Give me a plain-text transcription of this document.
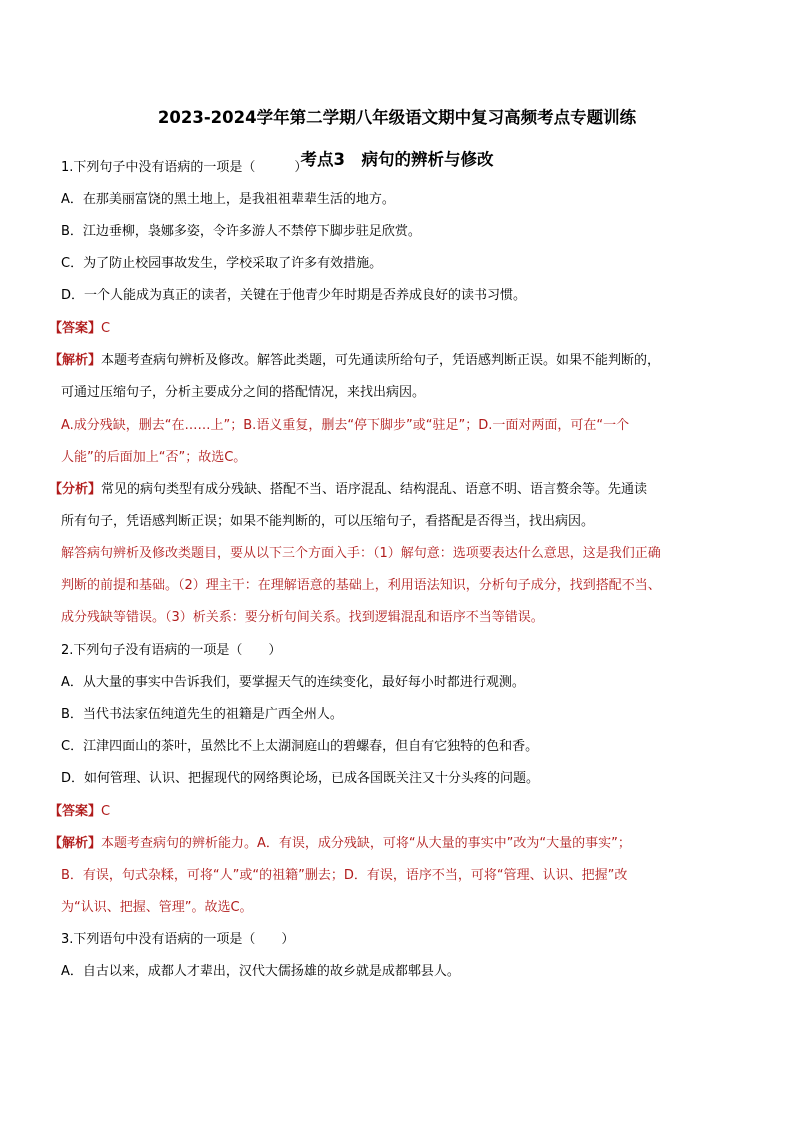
2023-2024学年第二学期八年级语文期中复习高频考点专题训练
考点3　病句的辨析与修改
1.下列句子中没有语病的一项是（　　　）
A．在那美丽富饶的黑土地上，是我祖祖辈辈生活的地方。
B．江边垂柳，袅娜多姿，令许多游人不禁停下脚步驻足欣赏。
C．为了防止校园事故发生，学校采取了许多有效措施。
D．一个人能成为真正的读者，关键在于他青少年时期是否养成良好的读书习惯。
【答案】C
【解析】本题考查病句辨析及修改。解答此类题，可先通读所给句子，凭语感判断正误。如果不能判断的，
可通过压缩句子，分析主要成分之间的搭配情况，来找出病因。
A.成分残缺，删去“在……上”；B.语义重复，删去“停下脚步”或“驻足”；D.一面对两面，可在“一个
人能”的后面加上“否”；故选C。
【分析】常见的病句类型有成分残缺、搭配不当、语序混乱、结构混乱、语意不明、语言赘余等。先通读
所有句子，凭语感判断正误；如果不能判断的，可以压缩句子，看搭配是否得当，找出病因。
解答病句辨析及修改类题目，要从以下三个方面入手：（1）解句意：选项要表达什么意思，这是我们正确
判断的前提和基础。（2）理主干：在理解语意的基础上，利用语法知识，分析句子成分，找到搭配不当、
成分残缺等错误。（3）析关系：要分析句间关系。找到逻辑混乱和语序不当等错误。
2.下列句子没有语病的一项是（　　）
A．从大量的事实中告诉我们，要掌握天气的连续变化，最好每小时都进行观测。
B．当代书法家伍纯道先生的祖籍是广西全州人。
C．江津四面山的茶叶，虽然比不上太湖洞庭山的碧螺春，但自有它独特的色和香。
D．如何管理、认识、把握现代的网络舆论场，已成各国既关注又十分头疼的问题。
【答案】C
【解析】本题考查病句的辨析能力。A．有误，成分残缺，可将“从大量的事实中”改为“大量的事实”；
B．有误，句式杂糅，可将“人”或“的祖籍”删去；D．有误，语序不当，可将“管理、认识、把握”改
为“认识、把握、管理”。故选C。
3.下列语句中没有语病的一项是（　　）
A．自古以来，成都人才辈出，汉代大儒扬雄的故乡就是成都郫县人。
